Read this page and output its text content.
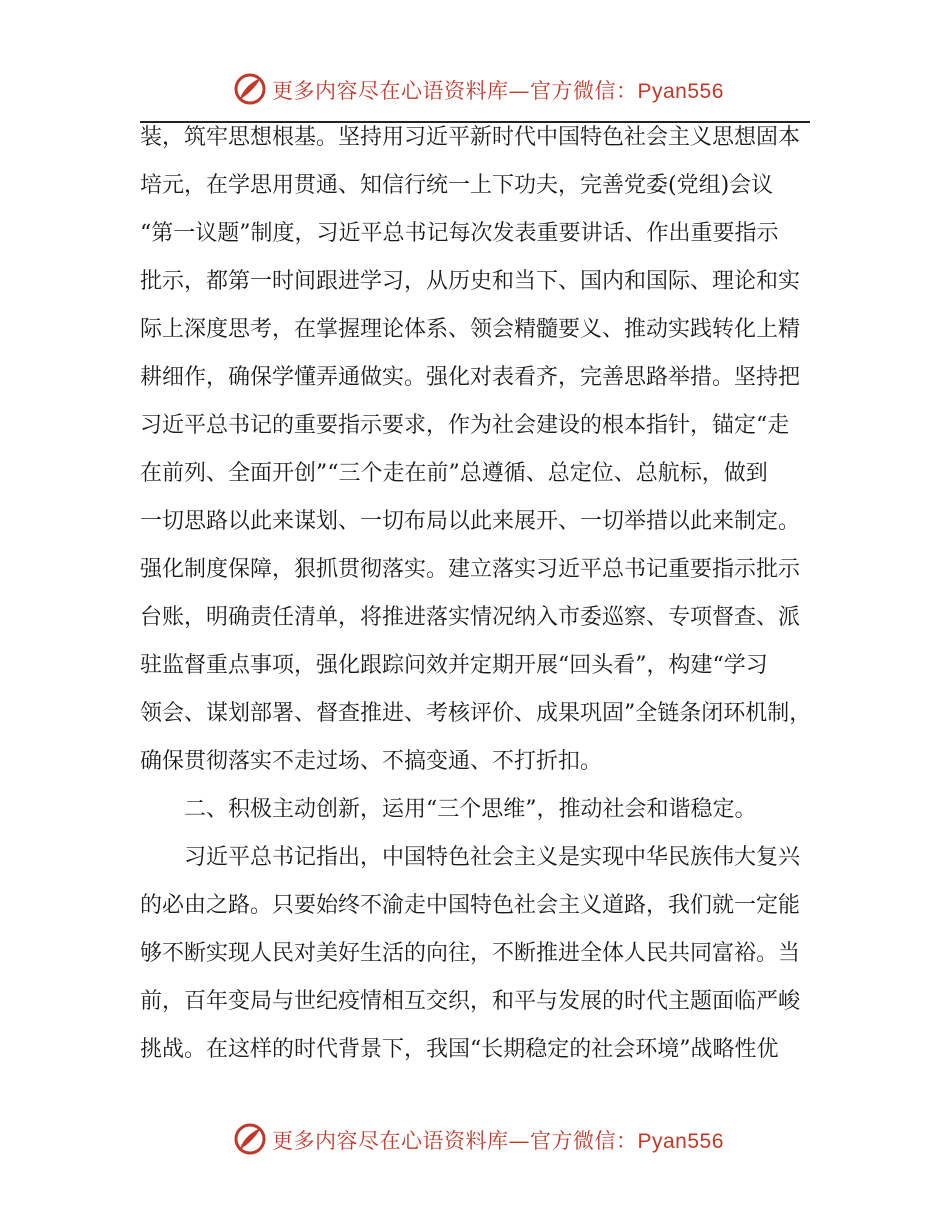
更多内容尽在心语资料库—官方微信：Pyan556
装，筑牢思想根基。坚持用习近平新时代中国特色社会主义思想固本
培元，在学思用贯通、知信行统一上下功夫，完善党委(党组)会议
“第一议题”制度，习近平总书记每次发表重要讲话、作出重要指示
批示，都第一时间跟进学习，从历史和当下、国内和国际、理论和实
际上深度思考，在掌握理论体系、领会精髓要义、推动实践转化上精
耕细作，确保学懂弄通做实。强化对表看齐，完善思路举措。坚持把
习近平总书记的重要指示要求，作为社会建设的根本指针，锚定“走
在前列、全面开创”“三个走在前”总遵循、总定位、总航标，做到
一切思路以此来谋划、一切布局以此来展开、一切举措以此来制定。
强化制度保障，狠抓贯彻落实。建立落实习近平总书记重要指示批示
台账，明确责任清单，将推进落实情况纳入市委巡察、专项督查、派
驻监督重点事项，强化跟踪问效并定期开展“回头看”，构建“学习
领会、谋划部署、督查推进、考核评价、成果巩固”全链条闭环机制，
确保贯彻落实不走过场、不搞变通、不打折扣。
二、积极主动创新，运用“三个思维”，推动社会和谐稳定。
习近平总书记指出，中国特色社会主义是实现中华民族伟大复兴
的必由之路。只要始终不渝走中国特色社会主义道路，我们就一定能
够不断实现人民对美好生活的向往，不断推进全体人民共同富裕。当
前，百年变局与世纪疫情相互交织，和平与发展的时代主题面临严峻
挑战。在这样的时代背景下，我国“长期稳定的社会环境”战略性优
更多内容尽在心语资料库—官方微信：Pyan556
